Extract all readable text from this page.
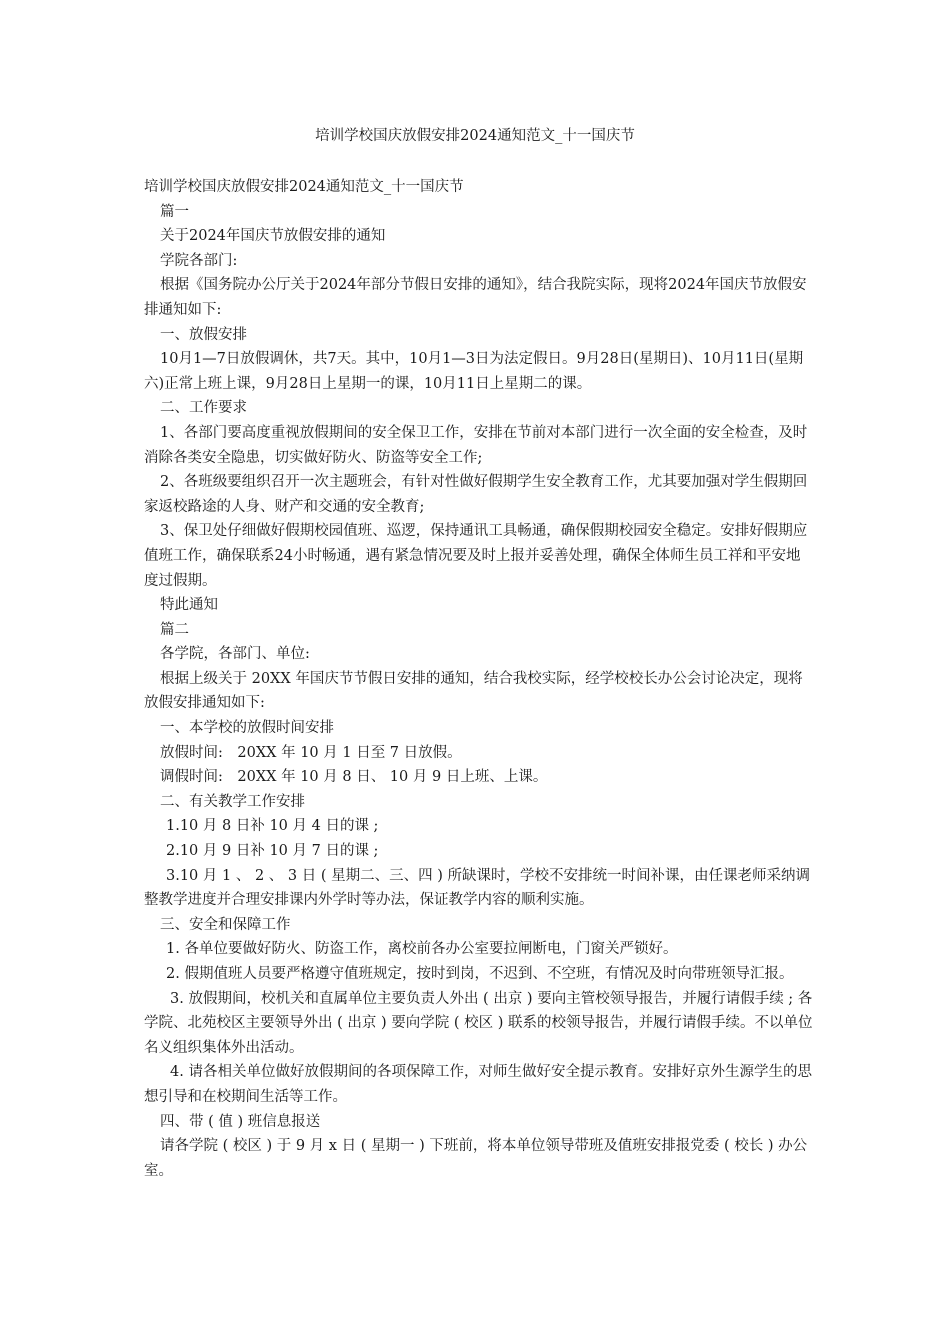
培训学校国庆放假安排2024通知范文_十一国庆节

培训学校国庆放假安排2024通知范文_十一国庆节

篇一

关于2024年国庆节放假安排的通知

学院各部门:

根据《国务院办公厅关于2024年部分节假日安排的通知》，结合我院实际，现将2024年国庆节放假安排通知如下:

一、放假安排

10月1—7日放假调休，共7天。其中，10月1—3日为法定假日。9月28日(星期日)、10月11日(星期六)正常上班上课，9月28日上星期一的课，10月11日上星期二的课。

二、工作要求

1、各部门要高度重视放假期间的安全保卫工作，安排在节前对本部门进行一次全面的安全检查，及时消除各类安全隐患，切实做好防火、防盗等安全工作;

2、各班级要组织召开一次主题班会，有针对性做好假期学生安全教育工作，尤其要加强对学生假期回家返校路途的人身、财产和交通的安全教育;

3、保卫处仔细做好假期校园值班、巡逻，保持通讯工具畅通，确保假期校园安全稳定。安排好假期应值班工作，确保联系24小时畅通，遇有紧急情况要及时上报并妥善处理，确保全体师生员工祥和平安地度过假期。

特此通知

篇二

各学院，各部门、单位:

根据上级关于 20XX 年国庆节节假日安排的通知，结合我校实际，经学校校长办公会讨论决定，现将放假安排通知如下:

一、本学校的放假时间安排

放假时间:　20XX 年 10 月 1 日至 7 日放假。

调假时间:　20XX 年 10 月 8 日、 10 月 9 日上班、上课。

二、有关教学工作安排

1.10 月 8 日补 10 月 4 日的课 ;

2.10 月 9 日补 10 月 7 日的课 ;

3.10 月 1 、 2 、 3 日 ( 星期二、三、四 ) 所缺课时，学校不安排统一时间补课，由任课老师采纳调整教学进度并合理安排课内外学时等办法，保证教学内容的顺利实施。

三、安全和保障工作

1. 各单位要做好防火、防盗工作，离校前各办公室要拉闸断电，门窗关严锁好。

2. 假期值班人员要严格遵守值班规定，按时到岗，不迟到、不空班，有情况及时向带班领导汇报。

3. 放假期间，校机关和直属单位主要负责人外出 ( 出京 ) 要向主管校领导报告，并履行请假手续 ; 各学院、北苑校区主要领导外出 ( 出京 ) 要向学院 ( 校区 ) 联系的校领导报告，并履行请假手续。不以单位名义组织集体外出活动。

4. 请各相关单位做好放假期间的各项保障工作，对师生做好安全提示教育。安排好京外生源学生的思想引导和在校期间生活等工作。

四、带 ( 值 ) 班信息报送

请各学院 ( 校区 ) 于 9 月 x 日 ( 星期一 ) 下班前，将本单位领导带班及值班安排报党委 ( 校长 ) 办公室。
